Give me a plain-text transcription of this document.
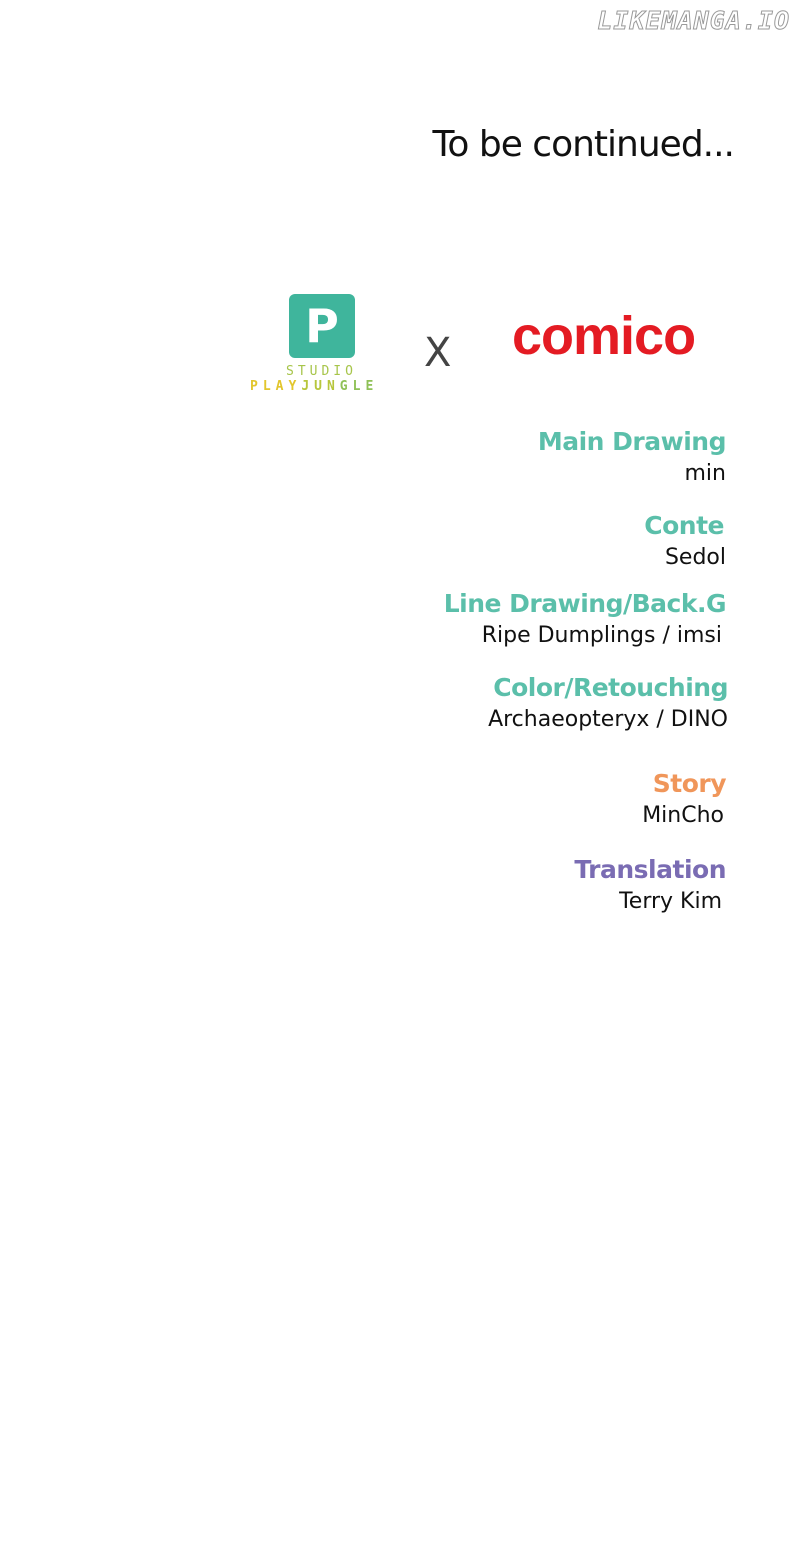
LIKEMANGA.IO
To be continued...
P
STUDIO
PLAYJUNGLE
X comico
Main Drawing
min
Conte
Sedol
Line Drawing/Back.G
Ripe Dumplings / imsi
Color/Retouching
Archaeopteryx / DINO
Story
MinCho
Translation
Terry Kim
